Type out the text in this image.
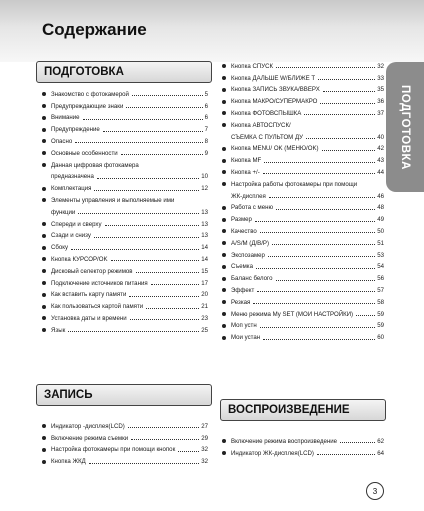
Содержание
ПОДГОТОВКА
ПОДГОТОВКА
Знакомство с фотокамерой	5
Предупреждающие знаки	6
Внимание	6
Предупреждение	7
Опасно	8
Основные особенности	9
Данная цифровая фотокамера
предназначена	10
Комплектация	12
Элементы управления и выполняемые ими
функции	13
Спереди и сверху	13
Сзади и снизу	13
Сбоку	14
Кнопка КУРСОР/OK	14
Дисковый селектор режимов	15
Подключение источников питания	17
Как вставить карту памяти	20
Как пользоваться картой памяти	21
Установка даты и времени	23
Язык	25
ЗАПИСЬ
Индикатор -дисплея(LCD)	27
Включение режима съемки	29
Настройка фотокамеры при помощи кнопок	32
Кнопка ЖКД	32
Кнопка СПУСК	32
Кнопка ДАЛЬШЕ W/БЛИЖЕ T	33
Кнопка ЗАПИСЬ ЗВУКА/ВВЕРХ	35
Кнопка МАКРО/СУПЕРМАКРО	36
Кнопка ФОТОВСПЫШКА	37
Кнопка АВТОСПУСК/
СЪЕМКА С ПУЛЬТОМ ДУ	40
Кнопка MENU/ OK (МЕНЮ/OK)	42
Кнопка MF	43
Кнопка +/-	44
Настройка работы фотокамеры при помощи
ЖК-дисплея	46
Работа с меню	48
Размер	49
Качество	50
A/S/M (Д/В/Р)	51
Экспозамер	53
Съемка	54
Баланс белого	56
Эффект	57
Резкая	58
Меню режима My SET (МОИ НАСТРОЙКИ)	59
Моп устн	59
Мои устан	60
ВОСПРОИЗВЕДЕНИЕ
Включение режима воспроизведение	62
Индикатор ЖК-дисплея(LCD)	64
3
